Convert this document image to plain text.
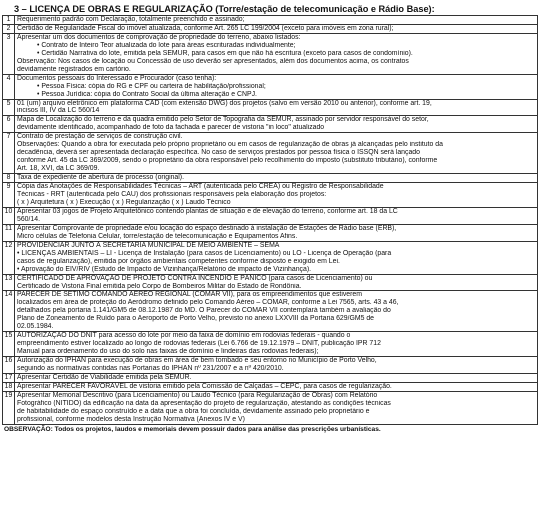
3 – LICENÇA DE OBRAS E REGULARIZAÇÃO (Torre/estação de telecomunicação e Rádio Base):
1	Requerimento padrão com Declaração, totalmente preenchido e assinado;

2	Certidão de Regularidade Fiscal do imóvel atualizada, conforme Art. 265 LC 199/2004 (exceto para imóveis em zona rural);

3	Apresentar um dos documentos de comprovação de propriedade do terreno, abaixo listados:
• Contrato de Inteiro Teor atualizada do lote para áreas escrituradas individualmente;
• Certidão Narrativa do lote, emitida pela SEMUR, para casos em que não há escritura (exceto para casos de condomínio).
Observação: Nos casos de locação ou Concessão de uso deverão ser apresentados, além dos documentos acima, os contratos
devidamente registrados em cartório.

4	Documentos pessoais do Interessado e Procurador (caso tenha):
• Pessoa Física: cópia do RG e CPF ou carteira de habilitação/profissional;
• Pessoa Jurídica: cópia do Contrato Social da última alteração e CNPJ.

5	01 (um) arquivo eletrônico em plataforma CAD (com extensão DWG) dos projetos (salvo em versão 2010 ou anterior), conforme art. 19,
incisos III, IV da LC 560/14

6	Mapa de Localização do terreno e da quadra emitido pelo Setor de Topografia da SEMUR, assinado por servidor responsável do setor,
devidamente identificado, acompanhado de foto da fachada e parecer de vistoria "in loco" atualizado

7	Contrato de prestação de serviços de construção civil.
Observações: Quando a obra for executada pelo próprio proprietário ou em casos de regularização de obras já alcançadas pelo instituto da
decadência, deverá ser apresentada declaração específica. No caso de serviços prestados por pessoa física o ISSQN será lançado
conforme Art. 45 da LC 369/2009, sendo o proprietário da obra responsável pelo recolhimento do imposto (substituto tributário), conforme
Art. 18, XVI, da LC 369/09.

8	Taxa de expediente de abertura de processo (original).

9	Cópia das Anotações de Responsabilidades Técnicas – ART (autenticada pelo CREA) ou Registro de Responsabilidade
Técnicas - RRT (autenticada pelo CAU) dos profissionais responsáveis pela elaboração dos projetos:
( x ) Arquitetura ( x ) Execução ( x ) Regularização ( x ) Laudo Técnico

10	Apresentar 03 jogos de Projeto Arquitetônico contendo plantas de situação e de elevação do terreno, conforme art. 18 da LC
560/14.

11	Apresentar Comprovante de propriedade e/ou locação do espaço destinado à instalação de Estações de Rádio base (ERB),
Micro células de Telefonia Celular, torre/estação de telecomunicação e Equipamentos Afins.

12	PROVIDENCIAR JUNTO À SECRETARIA MUNICIPAL DE MEIO AMBIENTE – SEMA
• LICENÇAS AMBIENTAIS – LI - Licença de Instalação (para casos de Licenciamento) ou LO - Licença de Operação (para
casos de regularização), emitida por órgãos ambientais competentes conforme disposto e exigido em Lei.
• Aprovação do EIV/RIV (Estudo de Impacto de Vizinhança/Relatório de impacto de Vizinhança).

13	CERTIFICADO DE APROVAÇÃO DE PROJETO CONTRA INCÊNDIO E PÂNICO (para casos de Licenciamento) ou
Certificado de Vistoria Final emitida pelo Corpo de Bombeiros Militar do Estado de Rondônia.

14	PARECER DE SÉTIMO COMANDO AÉREO REGIONAL (COMAR VII), para os empreendimentos que estiverem
localizados em área de proteção do Aeródromo definido pelo Comando Aéreo – COMAR, conforme a Lei 7565, arts. 43 a 46,
detalhados pela portaria 1.141/GM5 de 08.12.1987 do MD. O Parecer do COMAR VII contemplará também a avaliação do
Plano de Zoneamento de Ruído para o Aeroporto de Porto Velho, previsto no anexo LXXVIII da Portaria 629/GM5 de
02.05.1984.

15	AUTORIZAÇÃO DO DNIT para acesso do lote por meio da faixa de domínio em rodovias federais - quando o
empreendimento estiver localizado ao longo de rodovias federais (Lei 6.766 de 19.12.1979 – DNIT, publicação IPR 712
Manual para ordenamento do uso do solo nas faixas de domínio e lindeiras das rodovias federais);

16	Autorização do IPHAN para execução de obras em área de bem tombado e seu entorno no Município de Porto Velho,
seguindo as normativas contidas nas Portarias do IPHAN nº 231/2007 e a nº 420/2010.

17	Apresentar Certidão de Viabilidade emitida pela SEMUR.

18	Apresentar PARECER FAVORÁVEL de vistoria emitido pela Comissão de Calçadas – CEPC, para casos de regularização.

19	Apresentar Memorial Descritivo (para Licenciamento) ou Laudo Técnico (para Regularização de Obras) com Relatório
Fotográfico (NITIDO) da edificação na data da apresentação do projeto de regularização, atestando as condições técnicas
de habitabilidade do espaço construído e a data que a obra foi concluída, devidamente assinado pelo proprietário e
profissional, conforme modelos desta Instrução Normativa (Anexos IV e V)
OBSERVAÇÃO: Todos os projetos, laudos e memoriais devem possuir dados para análise das prescrições urbanísticas.
